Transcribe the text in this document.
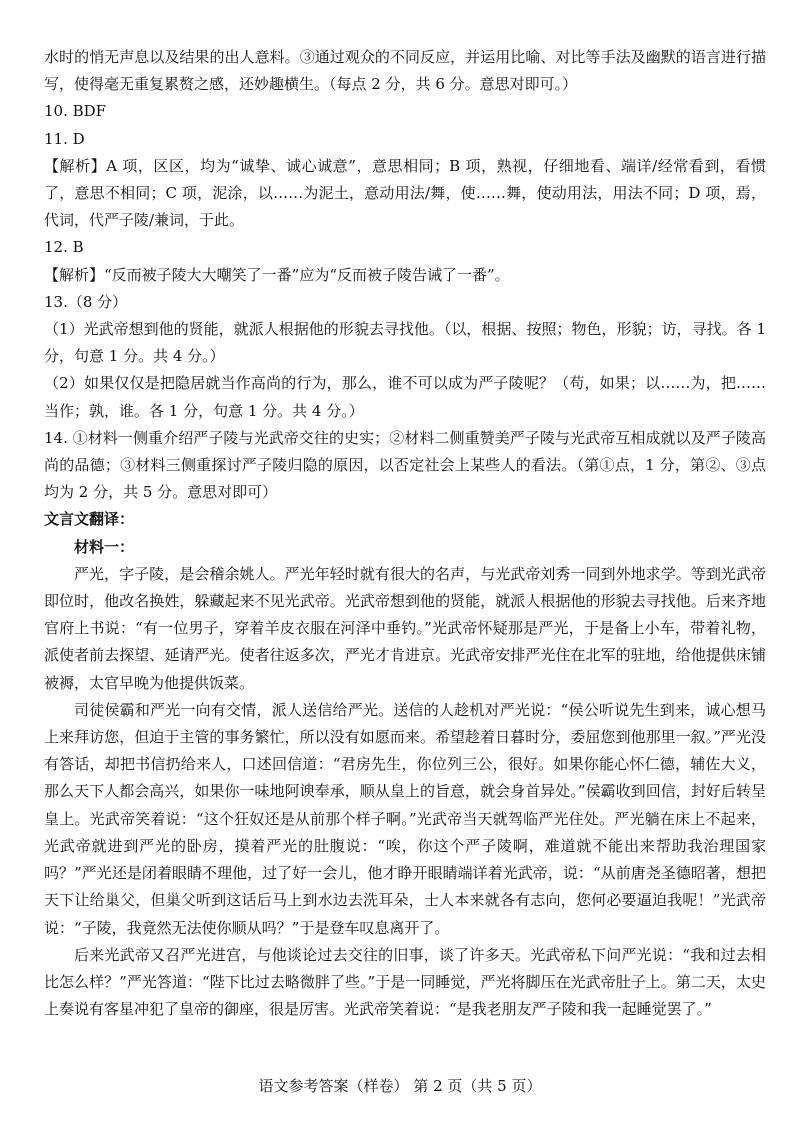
水时的悄无声息以及结果的出人意料。③通过观众的不同反应，并运用比喻、对比等手法及幽默的语言进行描写，使得毫无重复累赘之感，还妙趣横生。（每点 2 分，共 6 分。意思对即可。）

10. BDF

11. D

【解析】A 项，区区，均为“诚挚、诚心诚意”，意思相同；B 项，熟视，仔细地看、端详/经常看到，看惯了，意思不相同；C 项，泥涂，以……为泥土，意动用法/舞，使……舞，使动用法，用法不同；D 项，焉，代词，代严子陵/兼词，于此。

12. B

【解析】“反而被子陵大大嘲笑了一番”应为“反而被子陵告诫了一番”。

13.（8 分）

（1）光武帝想到他的贤能，就派人根据他的形貌去寻找他。（以，根据、按照；物色，形貌；访，寻找。各 1 分，句意 1 分。共 4 分。）

（2）如果仅仅是把隐居就当作高尚的行为，那么，谁不可以成为严子陵呢？（苟，如果；以……为，把……当作；孰，谁。各 1 分，句意 1 分。共 4 分。）

14. ①材料一侧重介绍严子陵与光武帝交往的史实；②材料二侧重赞美严子陵与光武帝互相成就以及严子陵高尚的品德；③材料三侧重探讨严子陵归隐的原因，以否定社会上某些人的看法。（第①点，1 分，第②、③点均为 2 分，共 5 分。意思对即可）

文言文翻译：

材料一：

严光，字子陵，是会稽余姚人。严光年轻时就有很大的名声，与光武帝刘秀一同到外地求学。等到光武帝即位时，他改名换姓，躲藏起来不见光武帝。光武帝想到他的贤能，就派人根据他的形貌去寻找他。后来齐地官府上书说：“有一位男子，穿着羊皮衣服在河泽中垂钓。”光武帝怀疑那是严光，于是备上小车，带着礼物，派使者前去探望、延请严光。使者往返多次，严光才肯进京。光武帝安排严光住在北军的驻地，给他提供床铺被褥，太官早晚为他提供饭菜。

司徒侯霸和严光一向有交情，派人送信给严光。送信的人趁机对严光说：“侯公听说先生到来，诚心想马上来拜访您，但迫于主管的事务繁忙，所以没有如愿而来。希望趁着日暮时分，委屈您到他那里一叙。”严光没有答话，却把书信扔给来人，口述回信道：“君房先生，你位列三公，很好。如果你能心怀仁德，辅佐大义，那么天下人都会高兴，如果你一味地阿谀奉承，顺从皇上的旨意，就会身首异处。”侯霸收到回信，封好后转呈皇上。光武帝笑着说：“这个狂奴还是从前那个样子啊。”光武帝当天就驾临严光住处。严光躺在床上不起来，光武帝就进到严光的卧房，摸着严光的肚腹说：“唉，你这个严子陵啊，难道就不能出来帮助我治理国家吗？”严光还是闭着眼睛不理他，过了好一会儿，他才睁开眼睛端详着光武帝，说：“从前唐尧圣德昭著，想把天下让给巢父，但巢父听到这话后马上到水边去洗耳朵，士人本来就各有志向，您何必要逼迫我呢！”光武帝说：“子陵，我竟然无法使你顺从吗？”于是登车叹息离开了。

后来光武帝又召严光进宫，与他谈论过去交往的旧事，谈了许多天。光武帝私下问严光说：“我和过去相比怎么样？”严光答道：“陛下比过去略微胖了些。”于是一同睡觉，严光将脚压在光武帝肚子上。第二天，太史上奏说有客星冲犯了皇帝的御座，很是厉害。光武帝笑着说：“是我老朋友严子陵和我一起睡觉罢了。”

语文参考答案（样卷） 第 2 页（共 5 页）
